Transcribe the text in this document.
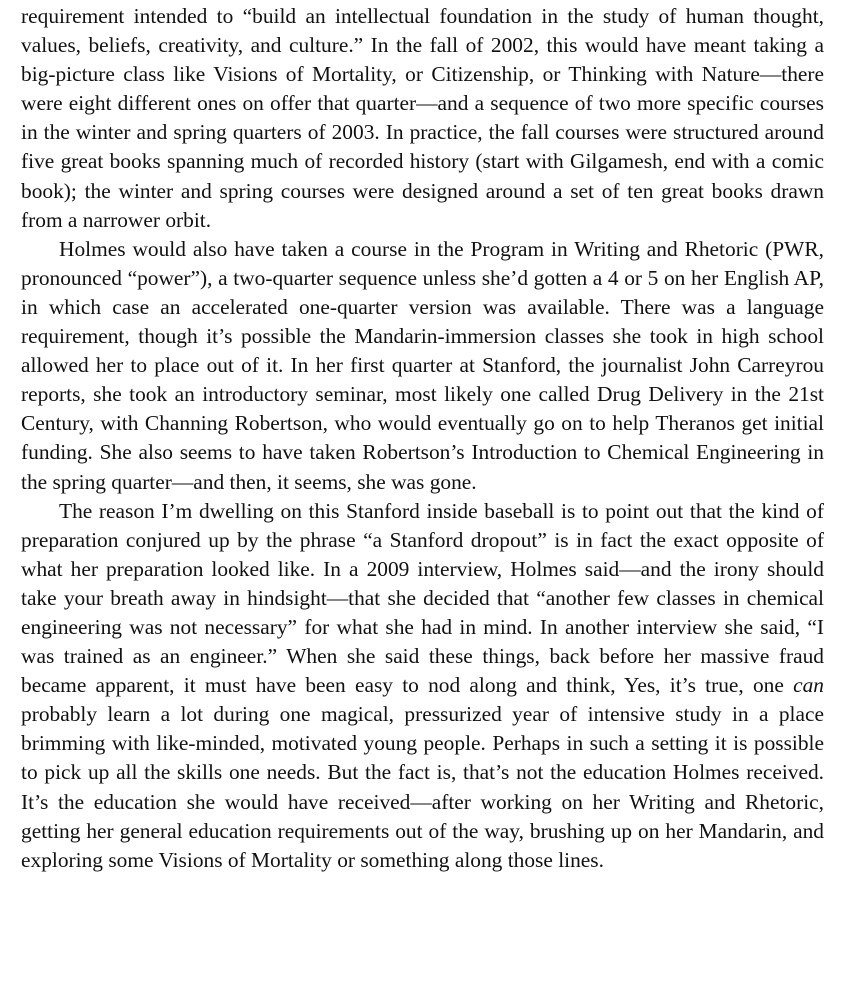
requirement intended to “build an intellectual foundation in the study of human thought, values, beliefs, creativity, and culture.” In the fall of 2002, this would have meant taking a big-picture class like Visions of Mortality, or Citizenship, or Thinking with Nature—there were eight different ones on offer that quarter—and a sequence of two more specific courses in the winter and spring quarters of 2003. In practice, the fall courses were structured around five great books spanning much of recorded history (start with Gilgamesh, end with a comic book); the winter and spring courses were designed around a set of ten great books drawn from a narrower orbit.

Holmes would also have taken a course in the Program in Writing and Rhetoric (PWR, pronounced “power”), a two-quarter sequence unless she’d gotten a 4 or 5 on her English AP, in which case an accelerated one-quarter version was available. There was a language requirement, though it’s possible the Mandarin-immersion classes she took in high school allowed her to place out of it. In her first quarter at Stanford, the journalist John Carreyrou reports, she took an introductory seminar, most likely one called Drug Delivery in the 21st Century, with Channing Robertson, who would eventually go on to help Theranos get initial funding. She also seems to have taken Robertson’s Introduction to Chemical Engineering in the spring quarter—and then, it seems, she was gone.

The reason I’m dwelling on this Stanford inside baseball is to point out that the kind of preparation conjured up by the phrase “a Stanford dropout” is in fact the exact opposite of what her preparation looked like. In a 2009 interview, Holmes said—and the irony should take your breath away in hindsight—that she decided that “another few classes in chemical engineering was not necessary” for what she had in mind. In another interview she said, “I was trained as an engineer.” When she said these things, back before her massive fraud became apparent, it must have been easy to nod along and think, Yes, it’s true, one can probably learn a lot during one magical, pressurized year of intensive study in a place brimming with like-minded, motivated young people. Perhaps in such a setting it is possible to pick up all the skills one needs. But the fact is, that’s not the education Holmes received. It’s the education she would have received—after working on her Writing and Rhetoric, getting her general education requirements out of the way, brushing up on her Mandarin, and exploring some Visions of Mortality or something along those lines.
